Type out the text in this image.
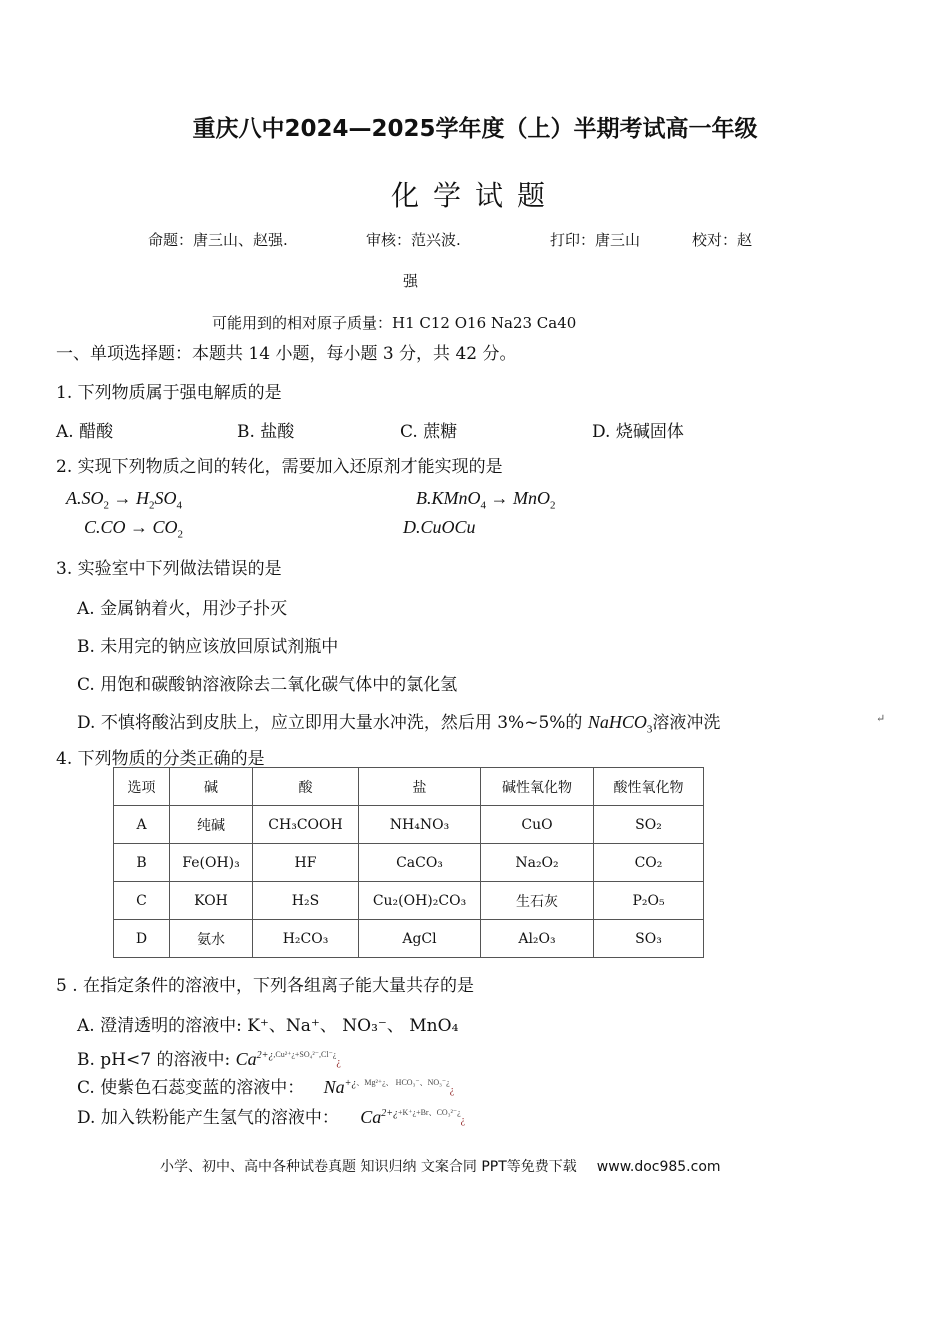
重庆八中2024—2025学年度（上）半期考试高一年级
化学试题
命题：唐三山、赵强.	审核：范兴波.	打印：唐三山	校对：赵
强
可能用到的相对原子质量：H1 C12 O16 Na23 Ca40
一、单项选择题：本题共 14 小题，每小题 3 分，共 42 分。
1. 下列物质属于强电解质的是
A. 醋酸	B. 盐酸	C. 蔗糖	D. 烧碱固体
2. 实现下列物质之间的转化，需要加入还原剂才能实现的是
$A.SO_2 \to H_2SO_4$	B.KMnO$_4$ → MnO$_2$
$C.CO \to CO_2$	D.CuOCu
3. 实验室中下列做法错误的是
A. 金属钠着火，用沙子扑灭
B. 未用完的钠应该放回原试剂瓶中
C. 用饱和碳酸钠溶液除去二氧化碳气体中的氯化氢
D. 不慎将酸沾到皮肤上，应立即用大量水冲洗，然后用 3%~5%的 NaHCO$_3$溶液冲洗	↵
4. 下列物质的分类正确的是
选项	碱	酸	盐	碱性氧化物	酸性氧化物
A	纯碱	CH₃COOH	NH₄NO₃	CuO	SO₂
B	Fe(OH)₃	HF	CaCO₃	Na₂O₂	CO₂
C	KOH	H₂S	Cu₂(OH)₂CO₃	生石灰	P₂O₅
D	氨水	H₂CO₃	AgCl	Al₂O₃	SO₃
5 . 在指定条件的溶液中，下列各组离子能大量共存的是
A. 澄清透明的溶液中: K⁺、Na⁺、 NO₃⁻、 MnO₄
B. pH<7 的溶液中: $Ca^{2+¿,Cu^{2+}¿+SO_4^{2-},Cl^-¿}¿$
C. 使紫色石蕊变蓝的溶液中： $Na^{+¿、Mg^{2+}¿、 HCO_3^-、NO_3^-¿}¿$
D. 加入铁粉能产生氢气的溶液中： $Ca^{2+¿+K^+¿+Br、CO_3^{2-}¿}¿$
小学、初中、高中各种试卷真题 知识归纳 文案合同 PPT等免费下载 www.doc985.com
